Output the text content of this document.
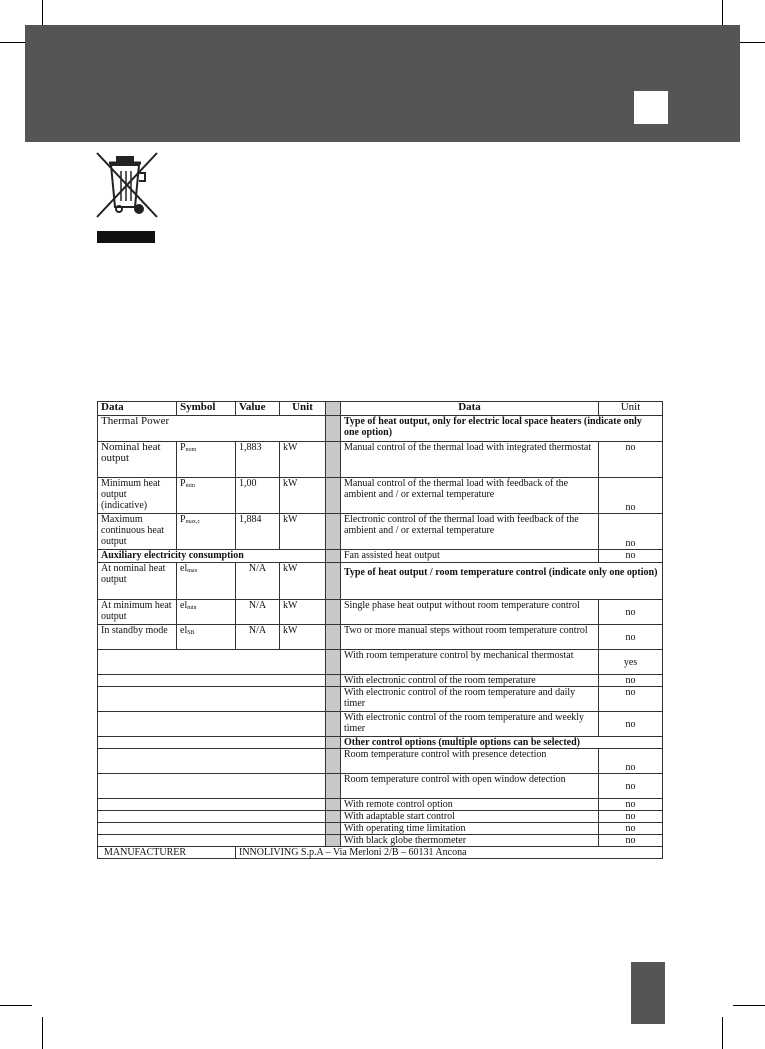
Data	Symbol	Value	Unit		Data	Unit
Thermal Power					Type of heat output, only for electric local space heaters (indicate only one option)	
Nominal heat output	Pnom	1,883	kW		Manual control of the thermal load with integrated thermostat	no
Minimum heat output (indicative)	Pmin	1,00	kW		Manual control of the thermal load with feedback of the ambient and / or external temperature	no
Maximum continuous heat output	Pmax,c	1,884	kW		Electronic control of the thermal load with feedback of the ambient and / or external temperature	no
Auxiliary electricity consumption					Fan assisted heat output	no
At nominal heat output	elmax	N/A	kW		Type of heat output / room temperature control (indicate only one option)	
At minimum heat output	elmin	N/A	kW		Single phase heat output without room temperature control	no
In standby mode	elSB	N/A	kW		Two or more manual steps without room temperature control	no
					With room temperature control by mechanical thermostat	yes
					With electronic control of the room temperature	no
					With electronic control of the room temperature and daily timer	no
					With electronic control of the room temperature and weekly timer	no
					Other control options (multiple options can be selected)	
					Room temperature control with presence detection	no
					Room temperature control with open window detection	no
					With remote control option	no
					With adaptable start control	no
					With operating time limitation	no
					With black globe thermometer	no
MANUFACTURER		INNOLIVING S.p.A – Via Merloni 2/B – 60131 Ancona				
